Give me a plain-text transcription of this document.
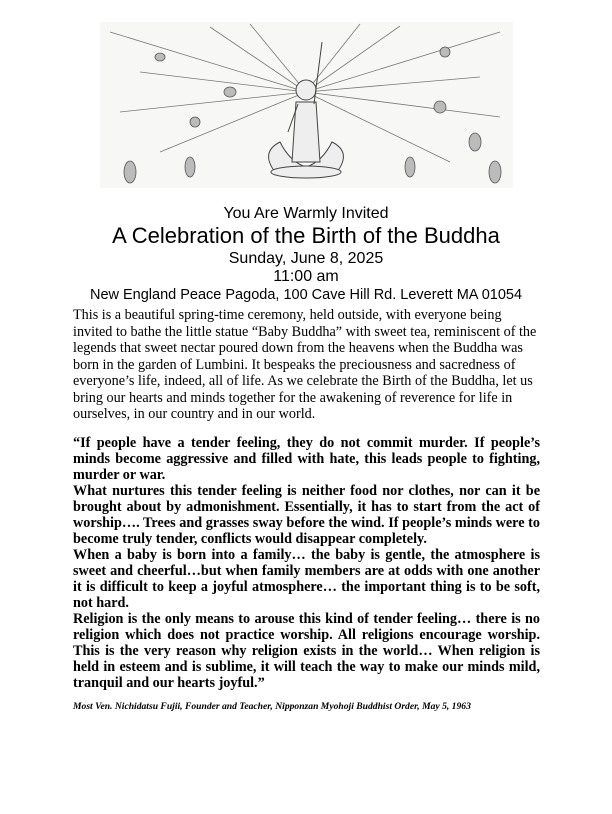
You Are Warmly Invited
A Celebration of the Birth of the Buddha
Sunday, June 8, 2025
11:00 am
New England Peace Pagoda, 100 Cave Hill Rd. Leverett MA 01054
This is a beautiful spring-time ceremony, held outside, with everyone being invited to bathe the little statue “Baby Buddha” with sweet tea, reminiscent of the legends that sweet nectar poured down from the heavens when the Buddha was born in the garden of Lumbini. It bespeaks the preciousness and sacredness of everyone’s life, indeed, all of life. As we celebrate the Birth of the Buddha, let us bring our hearts and minds together for the awakening of reverence for life in ourselves, in our country and in our world.

“If people have a tender feeling, they do not commit murder. If people’s minds become aggressive and filled with hate, this leads people to fighting, murder or war.

What nurtures this tender feeling is neither food nor clothes, nor can it be brought about by admonishment. Essentially, it has to start from the act of worship…. Trees and grasses sway before the wind. If people’s minds were to become truly tender, conflicts would disappear completely.

When a baby is born into a family… the baby is gentle, the atmosphere is sweet and cheerful…but when family members are at odds with one another it is difficult to keep a joyful atmosphere… the important thing is to be soft, not hard.

Religion is the only means to arouse this kind of tender feeling… there is no religion which does not practice worship. All religions encourage worship. This is the very reason why religion exists in the world… When religion is held in esteem and is sublime, it will teach the way to make our minds mild, tranquil and our hearts joyful.”

Most Ven. Nichidatsu Fujii, Founder and Teacher, Nipponzan Myohoji Buddhist Order, May 5, 1963
